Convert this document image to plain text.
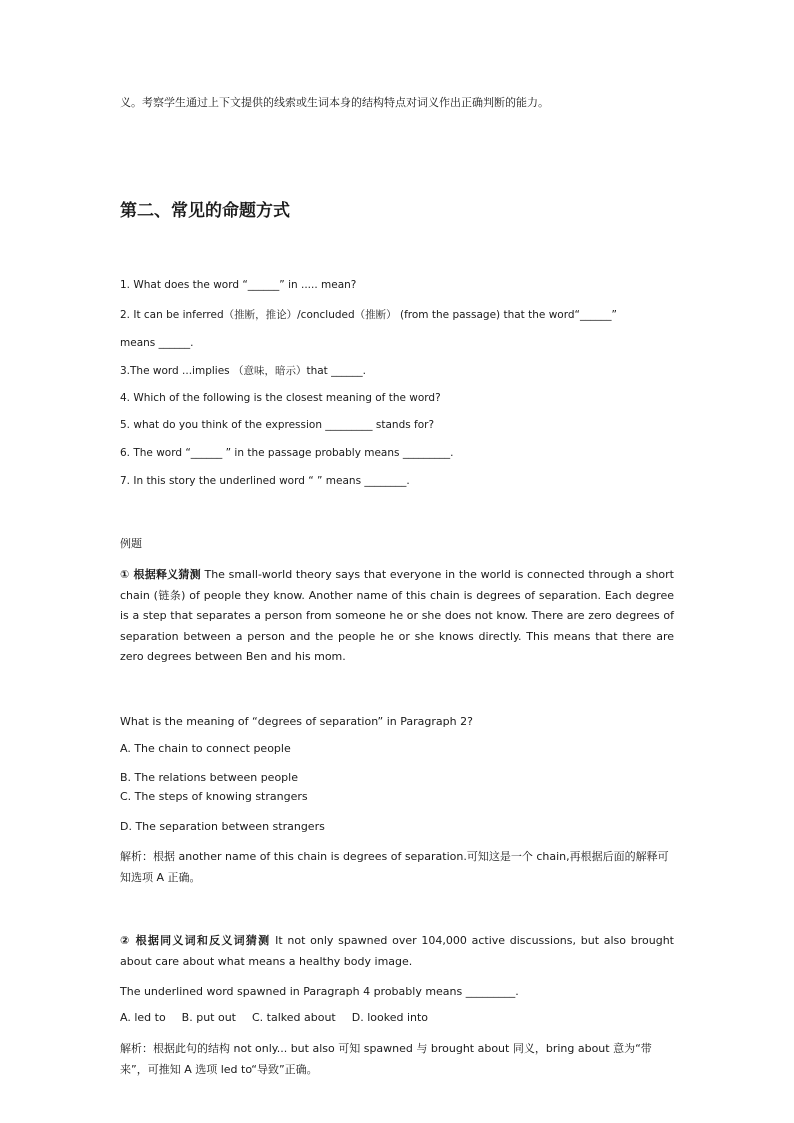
义。考察学生通过上下文提供的线索或生词本身的结构特点对词义作出正确判断的能力。
第二、常见的命题方式
1. What does the word “______” in ..... mean?
2. It can be inferred（推断，推论）/concluded（推断） (from the passage) that the word“______”
means ______.
3.The word ...implies （意味，暗示）that ______.
4. Which of the following is the closest meaning of the word?
5. what do you think of the expression _________ stands for?
6. The word “______ ” in the passage probably means _________.
7. In this story the underlined word “ ” means ________.
例题
① 根据释义猜测 The small-world theory says that everyone in the world is connected through a short chain (链条) of people they know. Another name of this chain is degrees of separation. Each degree is a step that separates a person from someone he or she does not know. There are zero degrees of separation between a person and the people he or she knows directly. This means that there are zero degrees between Ben and his mom.
What is the meaning of “degrees of separation” in Paragraph 2?
A. The chain to connect people
B. The relations between people
C. The steps of knowing strangers
D. The separation between strangers
解析：根据 another name of this chain is degrees of separation.可知这是一个 chain,再根据后面的解释可知选项 A 正确。
② 根据同义词和反义词猜测 It not only spawned over 104,000 active discussions, but also brought about care about what means a healthy body image.
The underlined word spawned in Paragraph 4 probably means _________.
A. led to B. put out C. talked about D. looked into
解析：根据此句的结构 not only... but also 可知 spawned 与 brought about 同义，bring about 意为“带来”，可推知 A 选项 led to“导致”正确。
